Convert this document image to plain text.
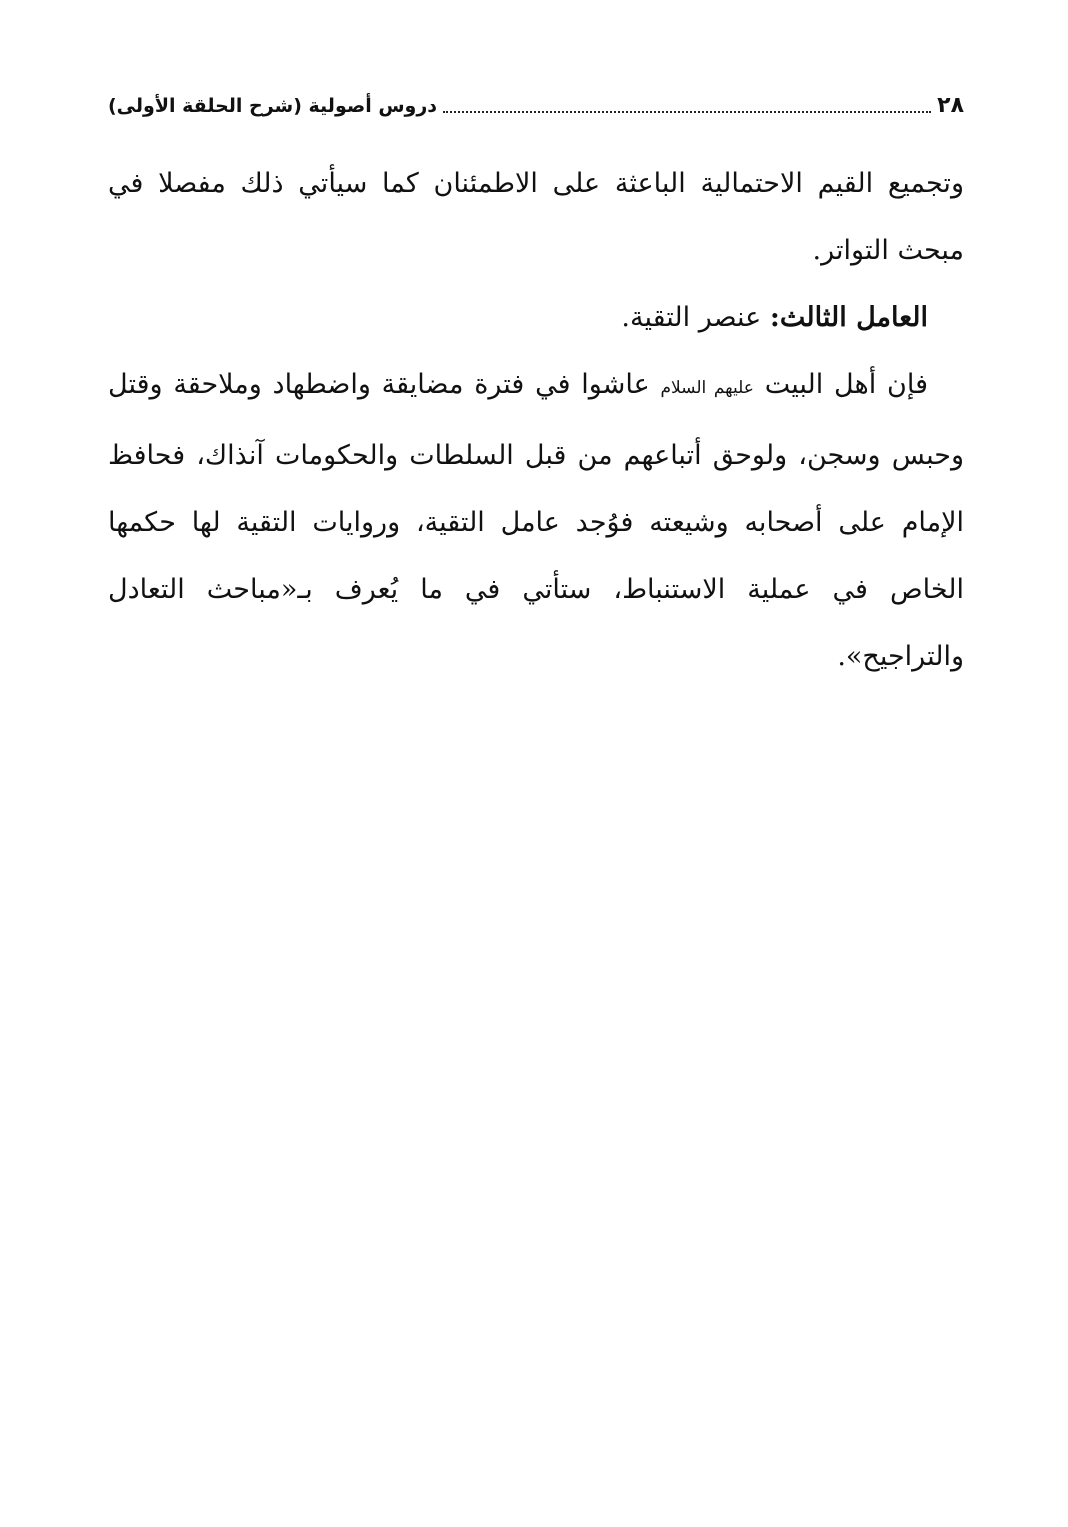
٢٨
دروس أصولية (شرح الحلقة الأولى)

وتجميع القيم الاحتمالية الباعثة على الاطمئنان كما سيأتي ذلك مفصلا في مبحث التواتر.

العامل الثالث: عنصر التقية.

فإن أهل البيت عليهم السلام عاشوا في فترة مضايقة واضطهاد وملاحقة وقتل وحبس وسجن، ولوحق أتباعهم من قبل السلطات والحكومات آنذاك، فحافظ الإمام على أصحابه وشيعته فوُجد عامل التقية، وروايات التقية لها حكمها الخاص في عملية الاستنباط، ستأتي في ما يُعرف بـ«مباحث التعادل والتراجيح».
